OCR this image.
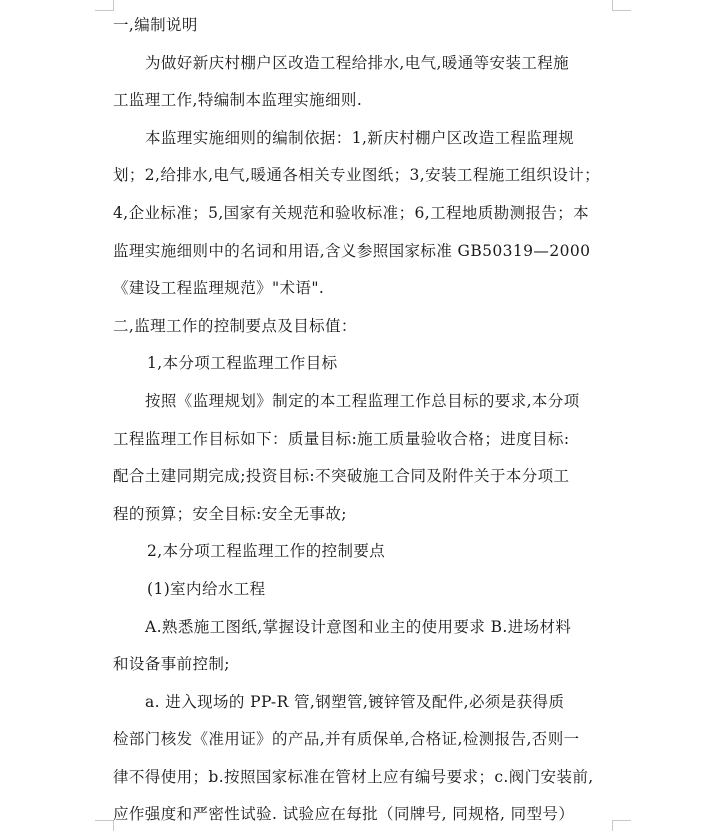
一,编制说明
为做好新庆村棚户区改造工程给排水,电气,暖通等安装工程施
工监理工作,特编制本监理实施细则.
本监理实施细则的编制依据：1,新庆村棚户区改造工程监理规
划；2,给排水,电气,暖通各相关专业图纸；3,安装工程施工组织设计；
4,企业标准；5,国家有关规范和验收标准；6,工程地质勘测报告；本
监理实施细则中的名词和用语,含义参照国家标准 GB50319—2000
《建设工程监理规范》"术语".
二,监理工作的控制要点及目标值：
1,本分项工程监理工作目标
按照《监理规划》制定的本工程监理工作总目标的要求,本分项
工程监理工作目标如下：质量目标:施工质量验收合格；进度目标:
配合土建同期完成;投资目标:不突破施工合同及附件关于本分项工
程的预算；安全目标:安全无事故;
2,本分项工程监理工作的控制要点
(1)室内给水工程
A.熟悉施工图纸,掌握设计意图和业主的使用要求 B.进场材料
和设备事前控制;
a. 进入现场的 PP-R 管,钢塑管,镀锌管及配件,必须是获得质
检部门核发《准用证》的产品,并有质保单,合格证,检测报告,否则一
律不得使用；b.按照国家标准在管材上应有编号要求；c.阀门安装前,
应作强度和严密性试验. 试验应在每批（同牌号, 同规格, 同型号）
